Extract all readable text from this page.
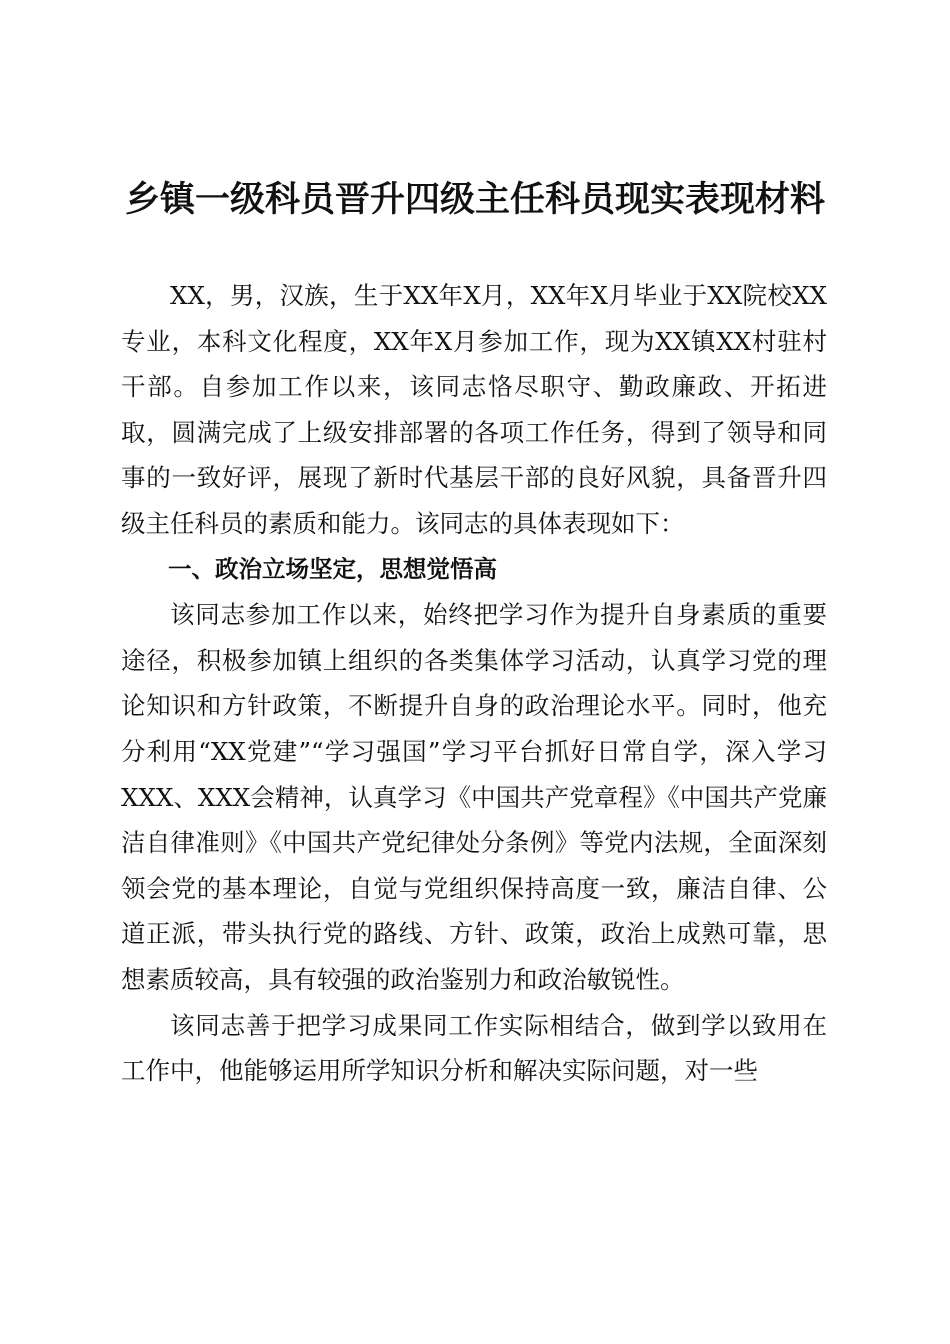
乡镇一级科员晋升四级主任科员现实表现材料

XX，男，汉族，生于XX年X月，XX年X月毕业于XX院校XX专业，本科文化程度，XX年X月参加工作，现为XX镇XX村驻村干部。自参加工作以来，该同志恪尽职守、勤政廉政、开拓进取，圆满完成了上级安排部署的各项工作任务，得到了领导和同事的一致好评，展现了新时代基层干部的良好风貌，具备晋升四级主任科员的素质和能力。该同志的具体表现如下：

一、政治立场坚定，思想觉悟高

该同志参加工作以来，始终把学习作为提升自身素质的重要途径，积极参加镇上组织的各类集体学习活动，认真学习党的理论知识和方针政策，不断提升自身的政治理论水平。同时，他充分利用“XX党建”“学习强国”学习平台抓好日常自学，深入学习XXX、XXX会精神，认真学习《中国共产党章程》《中国共产党廉洁自律准则》《中国共产党纪律处分条例》等党内法规，全面深刻领会党的基本理论，自觉与党组织保持高度一致，廉洁自律、公道正派，带头执行党的路线、方针、政策，政治上成熟可靠，思想素质较高，具有较强的政治鉴别力和政治敏锐性。

该同志善于把学习成果同工作实际相结合，做到学以致用在工作中，他能够运用所学知识分析和解决实际问题，对一些
